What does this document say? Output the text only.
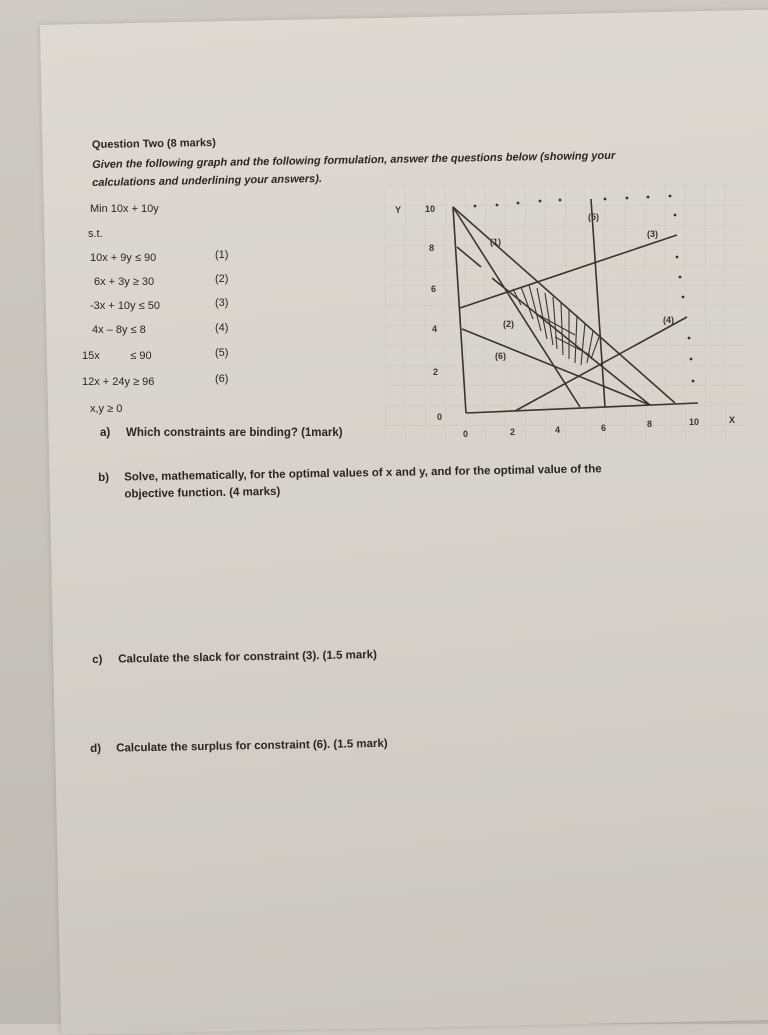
Question Two (8 marks)
Given the following graph and the following formulation, answer the questions below (showing your
calculations and underlining your answers).
Min 10x + 10y
s.t.
10x + 9y ≤ 90	(1)
6x + 3y ≥ 30	(2)
-3x + 10y ≤ 50	(3)
4x – 8y ≤ 8	(4)
15x          ≤ 90	(5)
12x + 24y ≥ 96	(6)
x,y ≥ 0
a) Which constraints are binding? (1mark)
b) Solve, mathematically, for the optimal values of x and y, and for the optimal value of the
objective function. (4 marks)
c) Calculate the slack for constraint (3). (1.5 mark)
d) Calculate the surplus for constraint (6). (1.5 mark)
Y	10
8
6
4
2
0
0	2	4	6	8	10	X
(1)
(2)
(3)
(4)
(5)
(6)
